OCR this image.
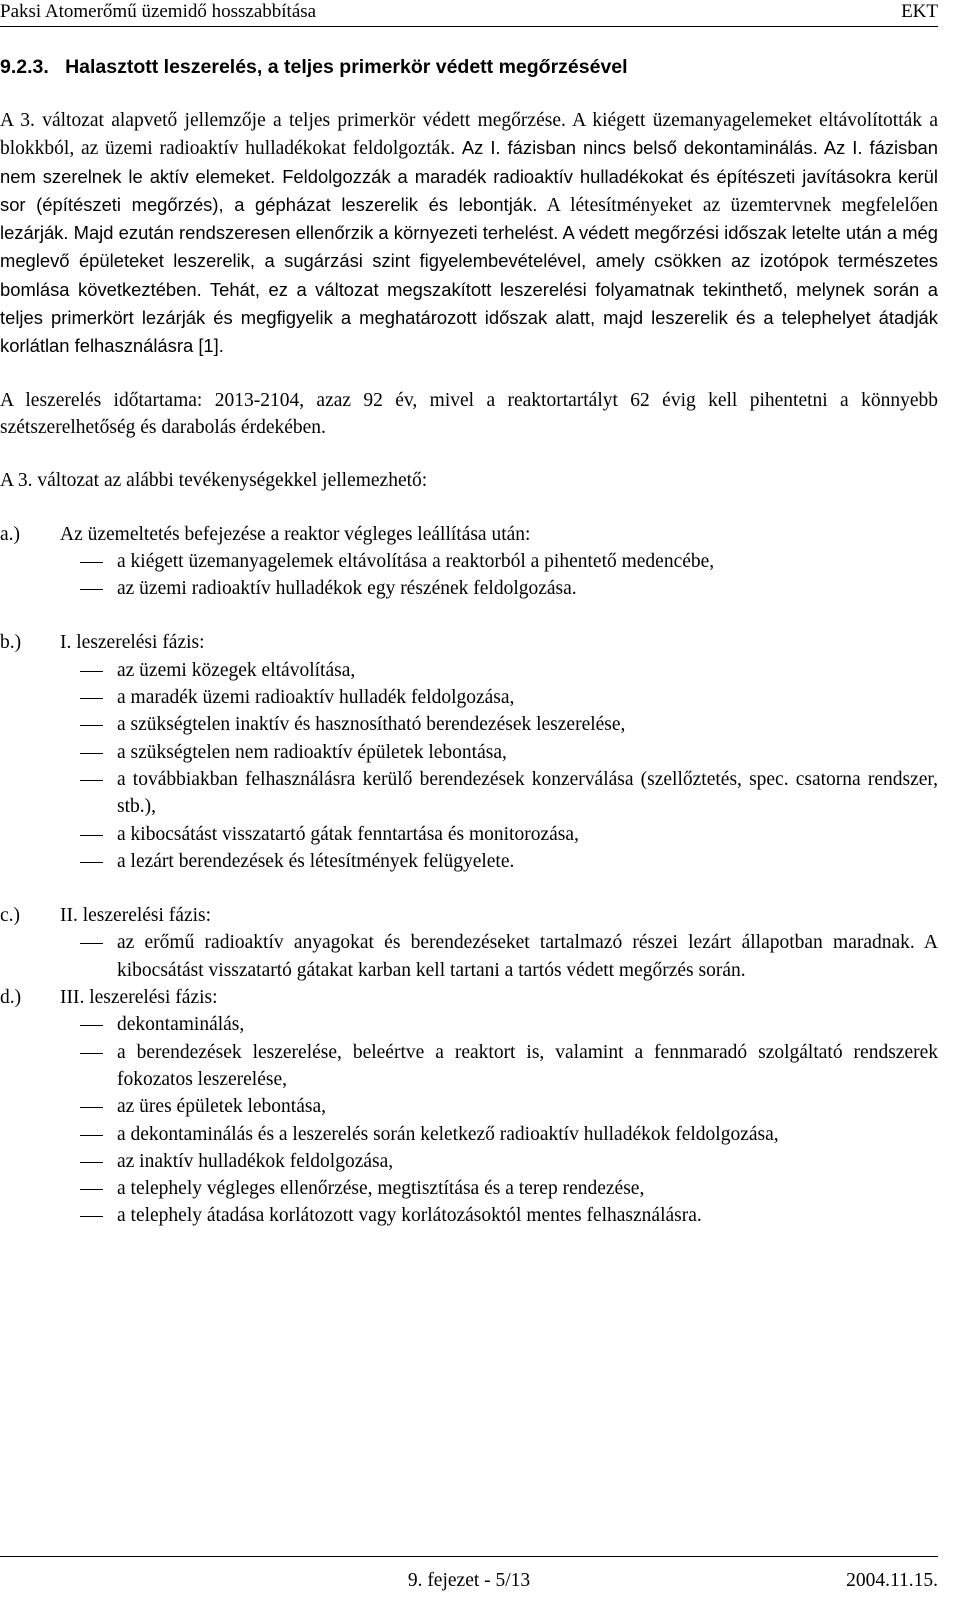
Paksi Atomerőmű üzemidő hosszabbítása	EKT
9.2.3. Halasztott leszerelés, a teljes primerkör védett megőrzésével

A 3. változat alapvető jellemzője a teljes primerkör védett megőrzése. A kiégett üzemanyagelemeket eltávolították a blokkból, az üzemi radioaktív hulladékokat feldolgozták. Az I. fázisban nincs belső dekontaminálás. Az I. fázisban nem szerelnek le aktív elemeket. Feldolgozzák a maradék radioaktív hulladékokat és építészeti javításokra kerül sor (építészeti megőrzés), a gépházat leszerelik és lebontják. A létesítményeket az üzemtervnek megfelelően lezárják. Majd ezután rendszeresen ellenőrzik a környezeti terhelést. A védett megőrzési időszak letelte után a még meglevő épületeket leszerelik, a sugárzási szint figyelembevételével, amely csökken az izotópok természetes bomlása következtében. Tehát, ez a változat megszakított leszerelési folyamatnak tekinthető, melynek során a teljes primerkört lezárják és megfigyelik a meghatározott időszak alatt, majd leszerelik és a telephelyet átadják korlátlan felhasználásra [1].

A leszerelés időtartama: 2013-2104, azaz 92 év, mivel a reaktortartályt 62 évig kell pihentetni a könnyebb szétszerelhetőség és darabolás érdekében.

A 3. változat az alábbi tevékenységekkel jellemezhető:

a.) Az üzemeltetés befejezése a reaktor végleges leállítása után:
a kiégett üzemanyagelemek eltávolítása a reaktorból a pihentető medencébe,
az üzemi radioaktív hulladékok egy részének feldolgozása.
b.) I. leszerelési fázis:
az üzemi közegek eltávolítása,
a maradék üzemi radioaktív hulladék feldolgozása,
a szükségtelen inaktív és hasznosítható berendezések leszerelése,
a szükségtelen nem radioaktív épületek lebontása,
a továbbiakban felhasználásra kerülő berendezések konzerválása (szellőztetés, spec. csatorna rendszer, stb.),
a kibocsátást visszatartó gátak fenntartása és monitorozása,
a lezárt berendezések és létesítmények felügyelete.
c.) II. leszerelési fázis:
az erőmű radioaktív anyagokat és berendezéseket tartalmazó részei lezárt állapotban maradnak. A kibocsátást visszatartó gátakat karban kell tartani a tartós védett megőrzés során.
d.) III. leszerelési fázis:
dekontaminálás,
a berendezések leszerelése, beleértve a reaktort is, valamint a fennmaradó szolgáltató rendszerek fokozatos leszerelése,
az üres épületek lebontása,
a dekontaminálás és a leszerelés során keletkező radioaktív hulladékok feldolgozása,
az inaktív hulladékok feldolgozása,
a telephely végleges ellenőrzése, megtisztítása és a terep rendezése,
a telephely átadása korlátozott vagy korlátozásoktól mentes felhasználásra.
9. fejezet - 5/13	2004.11.15.
